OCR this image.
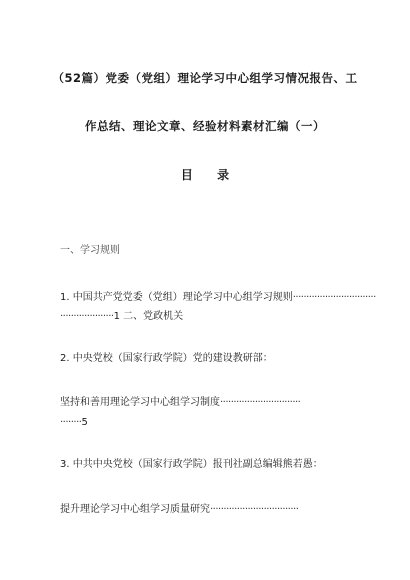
（52篇）党委（党组）理论学习中心组学习情况报告、工
作总结、理论文章、经验材料素材汇编（一）
目 录
一、学习规则
1. 中国共产党党委（党组）理论学习中心组学习规则·······························
····················1 二、党政机关
2. 中央党校（国家行政学院）党的建设教研部：
坚持和善用理论学习中心组学习制度······························
········5
3. 中共中央党校（国家行政学院）报刊社副总编辑熊若愚：
提升理论学习中心组学习质量研究·································
